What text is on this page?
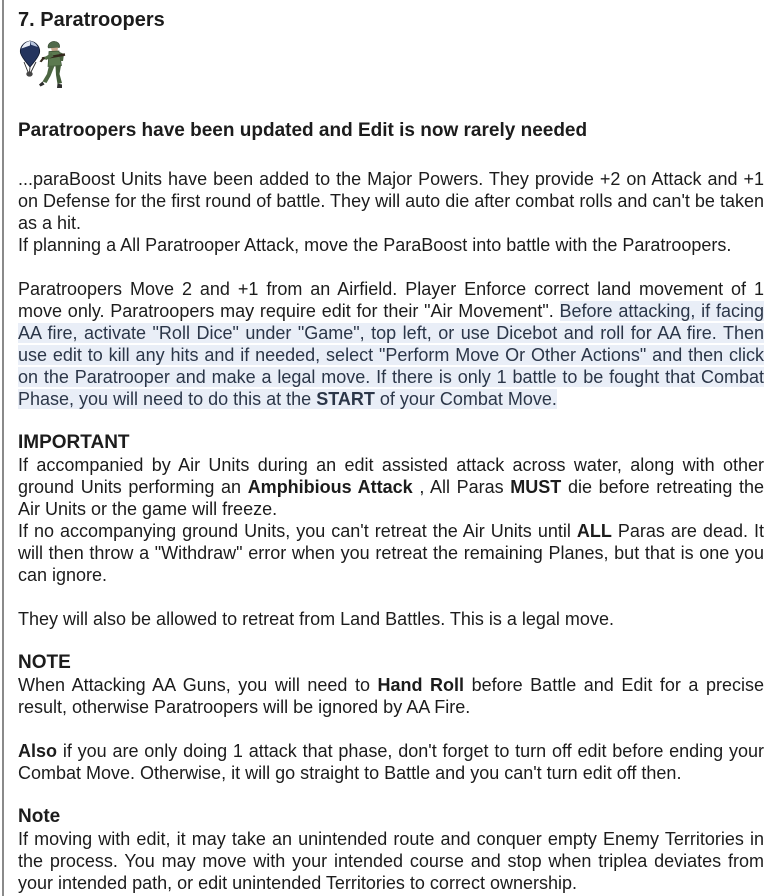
7. Paratroopers

Paratroopers have been updated and Edit is now rarely needed

...paraBoost Units have been added to the Major Powers. They provide +2 on Attack and +1 on Defense for the first round of battle. They will auto die after combat rolls and can't be taken as a hit.
If planning a All Paratrooper Attack, move the ParaBoost into battle with the Paratroopers.

Paratroopers Move 2 and +1 from an Airfield. Player Enforce correct land movement of 1 move only. Paratroopers may require edit for their "Air Movement". Before attacking, if facing AA fire, activate "Roll Dice" under "Game", top left, or use Dicebot and roll for AA fire. Then use edit to kill any hits and if needed, select "Perform Move Or Other Actions" and then click on the Paratrooper and make a legal move. If there is only 1 battle to be fought that Combat Phase, you will need to do this at the START of your Combat Move.

IMPORTANT

If accompanied by Air Units during an edit assisted attack across water, along with other ground Units performing an Amphibious Attack , All Paras MUST die before retreating the Air Units or the game will freeze.
If no accompanying ground Units, you can't retreat the Air Units until ALL Paras are dead. It will then throw a "Withdraw" error when you retreat the remaining Planes, but that is one you can ignore.

They will also be allowed to retreat from Land Battles. This is a legal move.

NOTE

When Attacking AA Guns, you will need to Hand Roll before Battle and Edit for a precise result, otherwise Paratroopers will be ignored by AA Fire.

Also if you are only doing 1 attack that phase, don't forget to turn off edit before ending your Combat Move. Otherwise, it will go straight to Battle and you can't turn edit off then.

Note

If moving with edit, it may take an unintended route and conquer empty Enemy Territories in the process. You may move with your intended course and stop when triplea deviates from your intended path, or edit unintended Territories to correct ownership.
